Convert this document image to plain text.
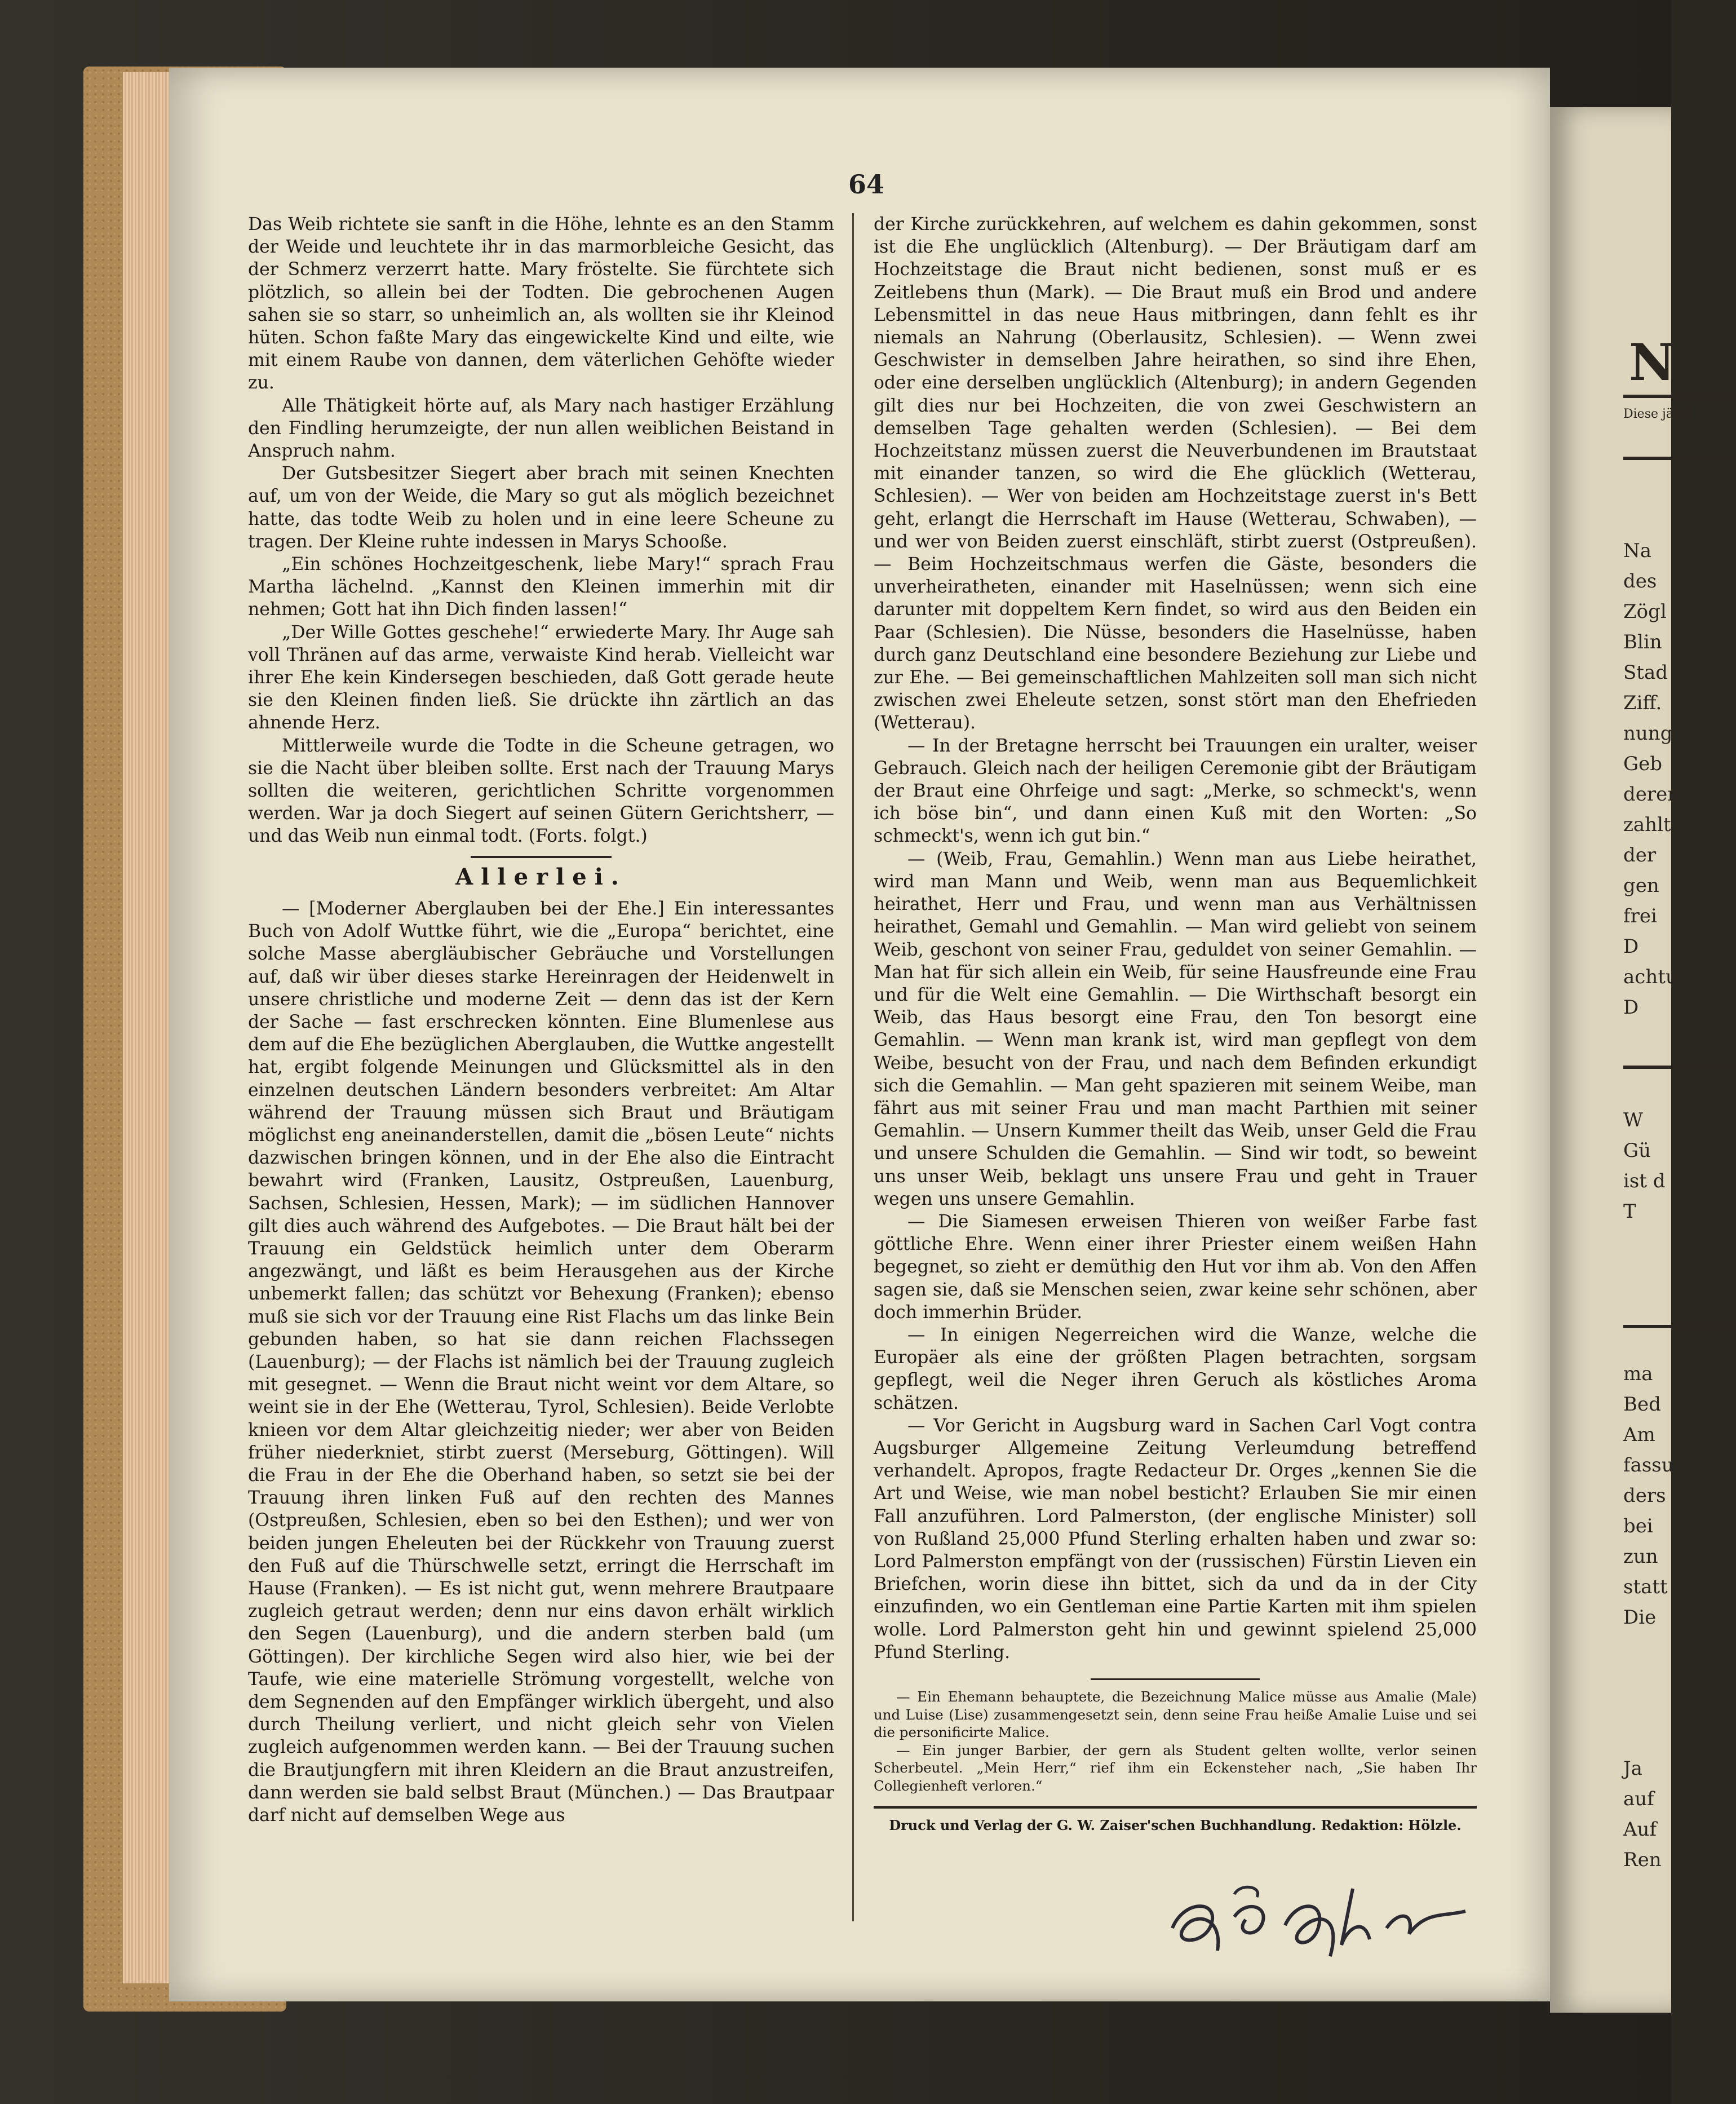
N
Diese jährl
Na
des
Zögl
Blin
Stad
Ziff.
nung
Geb
deren
zahlt
der
gen
frei
D
achtu
D
W
Gü
ist d
T
ma
Bed
Am
fassu
ders
bei
zun
statt
Die
Ja
auf
Auf
Ren
64

Das Weib richtete sie sanft in die Höhe, lehnte es an den Stamm der Weide und leuchtete ihr in das marmorbleiche Gesicht, das der Schmerz verzerrt hatte. Mary fröstelte. Sie fürchtete sich plötzlich, so allein bei der Todten. Die gebrochenen Augen sahen sie so starr, so unheimlich an, als wollten sie ihr Kleinod hüten. Schon faßte Mary das eingewickelte Kind und eilte, wie mit einem Raube von dannen, dem väterlichen Gehöfte wieder zu.

Alle Thätigkeit hörte auf, als Mary nach hastiger Erzählung den Findling herumzeigte, der nun allen weiblichen Beistand in Anspruch nahm.

Der Gutsbesitzer Siegert aber brach mit seinen Knechten auf, um von der Weide, die Mary so gut als möglich bezeichnet hatte, das todte Weib zu holen und in eine leere Scheune zu tragen. Der Kleine ruhte indessen in Marys Schooße.

„Ein schönes Hochzeitgeschenk, liebe Mary!“ sprach Frau Martha lächelnd. „Kannst den Kleinen immerhin mit dir nehmen; Gott hat ihn Dich finden lassen!“

„Der Wille Gottes geschehe!“ erwiederte Mary. Ihr Auge sah voll Thränen auf das arme, verwaiste Kind herab. Vielleicht war ihrer Ehe kein Kindersegen beschieden, daß Gott gerade heute sie den Kleinen finden ließ. Sie drückte ihn zärtlich an das ahnende Herz.

Mittlerweile wurde die Todte in die Scheune getragen, wo sie die Nacht über bleiben sollte. Erst nach der Trauung Marys sollten die weiteren, gerichtlichen Schritte vorgenommen werden. War ja doch Siegert auf seinen Gütern Gerichtsherr, — und das Weib nun einmal todt. (Forts. folgt.)

Allerlei.

— [Moderner Aberglauben bei der Ehe.] Ein interessantes Buch von Adolf Wuttke führt, wie die „Europa“ berichtet, eine solche Masse abergläubischer Gebräuche und Vorstellungen auf, daß wir über dieses starke Hereinragen der Heidenwelt in unsere christliche und moderne Zeit — denn das ist der Kern der Sache — fast erschrecken könnten. Eine Blumenlese aus dem auf die Ehe bezüglichen Aberglauben, die Wuttke angestellt hat, ergibt folgende Meinungen und Glücksmittel als in den einzelnen deutschen Ländern besonders verbreitet: Am Altar während der Trauung müssen sich Braut und Bräutigam möglichst eng aneinanderstellen, damit die „bösen Leute“ nichts dazwischen bringen können, und in der Ehe also die Eintracht bewahrt wird (Franken, Lausitz, Ostpreußen, Lauenburg, Sachsen, Schlesien, Hessen, Mark); — im südlichen Hannover gilt dies auch während des Aufgebotes. — Die Braut hält bei der Trauung ein Geldstück heimlich unter dem Oberarm angezwängt, und läßt es beim Herausgehen aus der Kirche unbemerkt fallen; das schützt vor Behexung (Franken); ebenso muß sie sich vor der Trauung eine Rist Flachs um das linke Bein gebunden haben, so hat sie dann reichen Flachssegen (Lauenburg); — der Flachs ist nämlich bei der Trauung zugleich mit gesegnet. — Wenn die Braut nicht weint vor dem Altare, so weint sie in der Ehe (Wetterau, Tyrol, Schlesien). Beide Verlobte knieen vor dem Altar gleichzeitig nieder; wer aber von Beiden früher niederkniet, stirbt zuerst (Merseburg, Göttingen). Will die Frau in der Ehe die Oberhand haben, so setzt sie bei der Trauung ihren linken Fuß auf den rechten des Mannes (Ostpreußen, Schlesien, eben so bei den Esthen); und wer von beiden jungen Eheleuten bei der Rückkehr von Trauung zuerst den Fuß auf die Thürschwelle setzt, erringt die Herrschaft im Hause (Franken). — Es ist nicht gut, wenn mehrere Brautpaare zugleich getraut werden; denn nur eins davon erhält wirklich den Segen (Lauenburg), und die andern sterben bald (um Göttingen). Der kirchliche Segen wird also hier, wie bei der Taufe, wie eine materielle Strömung vorgestellt, welche von dem Segnenden auf den Empfänger wirklich übergeht, und also durch Theilung verliert, und nicht gleich sehr von Vielen zugleich aufgenommen werden kann. — Bei der Trauung suchen die Brautjungfern mit ihren Kleidern an die Braut anzustreifen, dann werden sie bald selbst Braut (München.) — Das Brautpaar darf nicht auf demselben Wege aus

der Kirche zurückkehren, auf welchem es dahin gekommen, sonst ist die Ehe unglücklich (Altenburg). — Der Bräutigam darf am Hochzeitstage die Braut nicht bedienen, sonst muß er es Zeitlebens thun (Mark). — Die Braut muß ein Brod und andere Lebensmittel in das neue Haus mitbringen, dann fehlt es ihr niemals an Nahrung (Oberlausitz, Schlesien). — Wenn zwei Geschwister in demselben Jahre heirathen, so sind ihre Ehen, oder eine derselben unglücklich (Altenburg); in andern Gegenden gilt dies nur bei Hochzeiten, die von zwei Geschwistern an demselben Tage gehalten werden (Schlesien). — Bei dem Hochzeitstanz müssen zuerst die Neuverbundenen im Brautstaat mit einander tanzen, so wird die Ehe glücklich (Wetterau, Schlesien). — Wer von beiden am Hochzeitstage zuerst in's Bett geht, erlangt die Herrschaft im Hause (Wetterau, Schwaben), — und wer von Beiden zuerst einschläft, stirbt zuerst (Ostpreußen). — Beim Hochzeitschmaus werfen die Gäste, besonders die unverheiratheten, einander mit Haselnüssen; wenn sich eine darunter mit doppeltem Kern findet, so wird aus den Beiden ein Paar (Schlesien). Die Nüsse, besonders die Haselnüsse, haben durch ganz Deutschland eine besondere Beziehung zur Liebe und zur Ehe. — Bei gemeinschaftlichen Mahlzeiten soll man sich nicht zwischen zwei Eheleute setzen, sonst stört man den Ehefrieden (Wetterau).

— In der Bretagne herrscht bei Trauungen ein uralter, weiser Gebrauch. Gleich nach der heiligen Ceremonie gibt der Bräutigam der Braut eine Ohrfeige und sagt: „Merke, so schmeckt's, wenn ich böse bin“, und dann einen Kuß mit den Worten: „So schmeckt's, wenn ich gut bin.“

— (Weib, Frau, Gemahlin.) Wenn man aus Liebe heirathet, wird man Mann und Weib, wenn man aus Bequemlichkeit heirathet, Herr und Frau, und wenn man aus Verhältnissen heirathet, Gemahl und Gemahlin. — Man wird geliebt von seinem Weib, geschont von seiner Frau, geduldet von seiner Gemahlin. — Man hat für sich allein ein Weib, für seine Hausfreunde eine Frau und für die Welt eine Gemahlin. — Die Wirthschaft besorgt ein Weib, das Haus besorgt eine Frau, den Ton besorgt eine Gemahlin. — Wenn man krank ist, wird man gepflegt von dem Weibe, besucht von der Frau, und nach dem Befinden erkundigt sich die Gemahlin. — Man geht spazieren mit seinem Weibe, man fährt aus mit seiner Frau und man macht Parthien mit seiner Gemahlin. — Unsern Kummer theilt das Weib, unser Geld die Frau und unsere Schulden die Gemahlin. — Sind wir todt, so beweint uns unser Weib, beklagt uns unsere Frau und geht in Trauer wegen uns unsere Gemahlin.

— Die Siamesen erweisen Thieren von weißer Farbe fast göttliche Ehre. Wenn einer ihrer Priester einem weißen Hahn begegnet, so zieht er demüthig den Hut vor ihm ab. Von den Affen sagen sie, daß sie Menschen seien, zwar keine sehr schönen, aber doch immerhin Brüder.

— In einigen Negerreichen wird die Wanze, welche die Europäer als eine der größten Plagen betrachten, sorgsam gepflegt, weil die Neger ihren Geruch als köstliches Aroma schätzen.

— Vor Gericht in Augsburg ward in Sachen Carl Vogt contra Augsburger Allgemeine Zeitung Verleumdung betreffend verhandelt. Apropos, fragte Redacteur Dr. Orges „kennen Sie die Art und Weise, wie man nobel besticht? Erlauben Sie mir einen Fall anzuführen. Lord Palmerston, (der englische Minister) soll von Rußland 25,000 Pfund Sterling erhalten haben und zwar so: Lord Palmerston empfängt von der (russischen) Fürstin Lieven ein Briefchen, worin diese ihn bittet, sich da und da in der City einzufinden, wo ein Gentleman eine Partie Karten mit ihm spielen wolle. Lord Palmerston geht hin und gewinnt spielend 25,000 Pfund Sterling.

— Ein Ehemann behauptete, die Bezeichnung Malice müsse aus Amalie (Male) und Luise (Lise) zusammengesetzt sein, denn seine Frau heiße Amalie Luise und sei die personificirte Malice.

— Ein junger Barbier, der gern als Student gelten wollte, verlor seinen Scherbeutel. „Mein Herr,“ rief ihm ein Eckensteher nach, „Sie haben Ihr Collegienheft verloren.“

Druck und Verlag der G. W. Zaiser'schen Buchhandlung. Redaktion: Hölzle.
